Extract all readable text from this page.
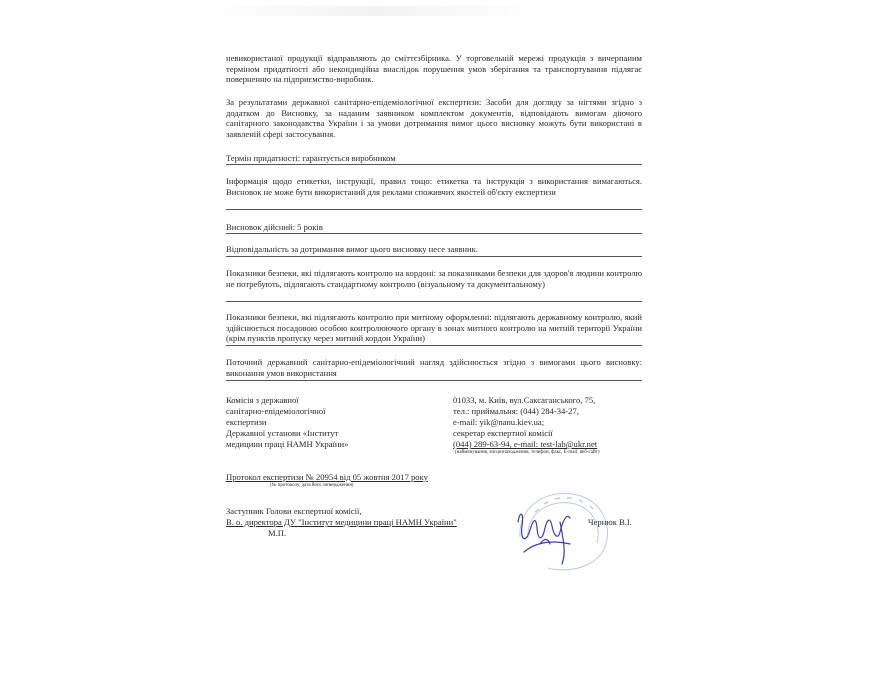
невикористаної продукції відправляють до сміттєзбірника. У торговельній мережі продукція з вичерпаним терміном придатності або некондиційна внаслідок порушення умов зберігання та транспортування підлягає поверненню на підприємство-виробник.
За результатами державної санітарно-епідеміологічної експертизи: Засоби для догляду за нігтями згідно з додатком до Висновку, за наданим заявником комплектом документів, відповідають вимогам діючого санітарного законодавства України і за умови дотримання вимог цього висновку можуть бути використані в заявленій сфері застосування.
Термін придатності: гарантується виробником
Інформація щодо етикетки, інструкції, правил тощо: етикетка та інструкція з використання вимагаються. Висновок не може бути використаний для реклами споживчих якостей об'єкту експертизи
Висновок дійсний: 5 років
Відповідальність за дотримання вимог цього висновку несе заявник.
Показники безпеки, які підлягають контролю на кордоні: за показниками безпеки для здоров'я людини контролю не потребують, підлягають стандартному контролю (візуальному та документальному)
Показники безпеки, які підлягають контролю при митному оформленні: підлягають державному контролю, який здійснюється посадовою особою контролюючого органу в зонах митного контролю на митній території України (крім пунктів пропуску через митний кордон України)
Поточний державний санітарно-епідеміологічний нагляд здійснюється згідно з вимогами цього висновку: виконання умов використання
Комісія з державної
санітарно-епідеміологічної
експертизи
Державної установи «Інститут
медицини праці НАМН України»
01033, м. Київ, вул.Саксаганського, 75,
тел.: приймальня: (044) 284-34-27,
e-mail: yik@nanu.kiev.ua;
секретар експертної комісії
(044) 289-63-94, e-mail: test-lab@ukr.net
(найменування, місцезнаходження, телефон, факс, E-mail, веб-сайт)
Протокол експертизи № 20954 від 05 жовтня 2017 року
(№ протоколу, дата його затвердження)
Заступник Голови експертної комісії,
В. о. директора ДУ "Інститут медицини праці НАМН України"
М.П.
Чернюк В.І.
